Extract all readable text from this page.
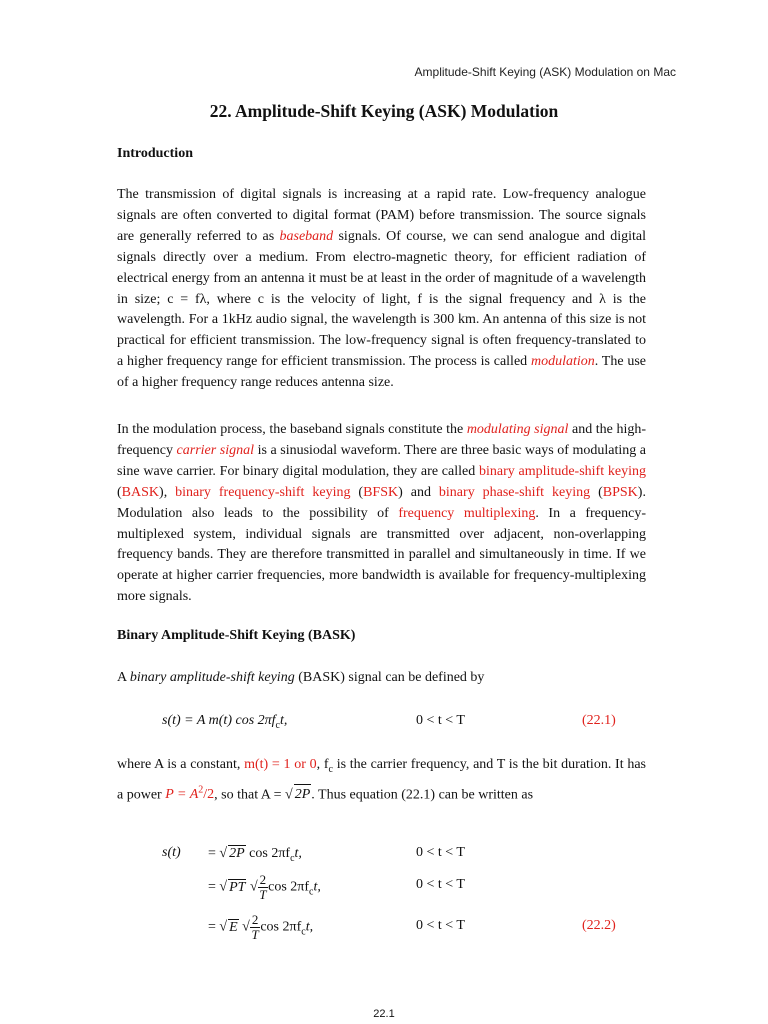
Amplitude-Shift Keying (ASK) Modulation on Mac
22. Amplitude-Shift Keying (ASK) Modulation
Introduction
The transmission of digital signals is increasing at a rapid rate. Low-frequency analogue signals are often converted to digital format (PAM) before transmission. The source signals are generally referred to as baseband signals. Of course, we can send analogue and digital signals directly over a medium. From electro-magnetic theory, for efficient radiation of electrical energy from an antenna it must be at least in the order of magnitude of a wavelength in size; c = fλ, where c is the velocity of light, f is the signal frequency and λ is the wavelength. For a 1kHz audio signal, the wavelength is 300 km. An antenna of this size is not practical for efficient transmission. The low-frequency signal is often frequency-translated to a higher frequency range for efficient transmission. The process is called modulation. The use of a higher frequency range reduces antenna size.
In the modulation process, the baseband signals constitute the modulating signal and the high-frequency carrier signal is a sinusiodal waveform. There are three basic ways of modulating a sine wave carrier. For binary digital modulation, they are called binary amplitude-shift keying (BASK), binary frequency-shift keying (BFSK) and binary phase-shift keying (BPSK). Modulation also leads to the possibility of frequency multiplexing. In a frequency-multiplexed system, individual signals are transmitted over adjacent, non-overlapping frequency bands. They are therefore transmitted in parallel and simultaneously in time. If we operate at higher carrier frequencies, more bandwidth is available for frequency-multiplexing more signals.
Binary Amplitude-Shift Keying (BASK)
A binary amplitude-shift keying (BASK) signal can be defined by
s(t) = A m(t) $\cos 2\pi f_ct$,	0 < t < T	(22.1)
where A is a constant, m(t) = 1 or 0, $f_c$ is the carrier frequency, and T is the bit duration. It has a power $P = A^2/2$, so that A = √ 2P. Thus equation (22.1) can be written as
s(t) = √ 2P $\cos 2\pi f_ct$,	0 < t < T
= √ PT √ $\frac{2}{T}$ $\cos 2\pi f_ct$,	0 < t < T
= √ E √ $\frac{2}{T}$ $\cos 2\pi f_ct$,	0 < t < T	(22.2)
22.1
